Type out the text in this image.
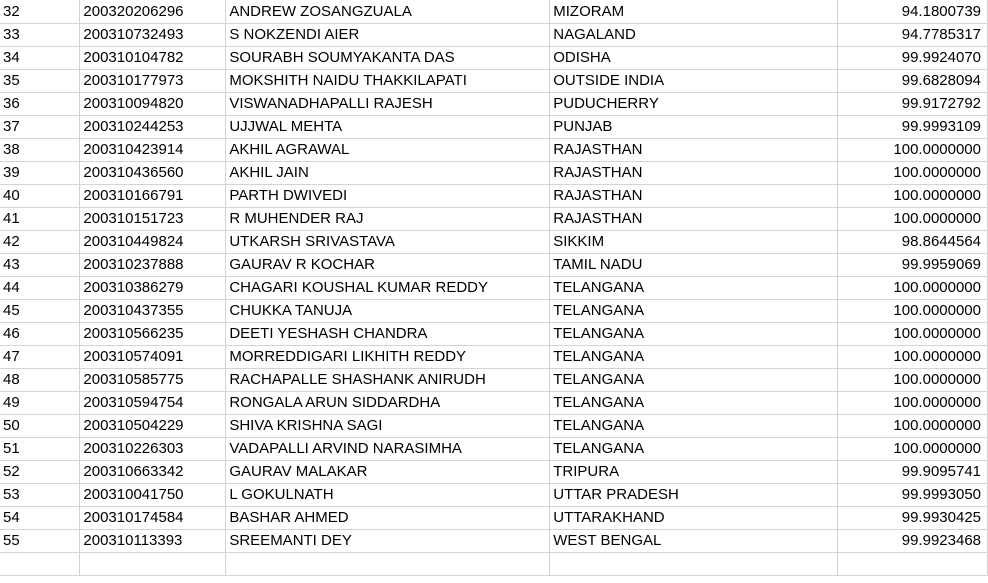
32	200320206296	ANDREW ZOSANGZUALA	MIZORAM	94.1800739
33	200310732493	S NOKZENDI AIER	NAGALAND	94.7785317
34	200310104782	SOURABH SOUMYAKANTA DAS	ODISHA	99.9924070
35	200310177973	MOKSHITH NAIDU THAKKILAPATI	OUTSIDE INDIA	99.6828094
36	200310094820	VISWANADHAPALLI RAJESH	PUDUCHERRY	99.9172792
37	200310244253	UJJWAL MEHTA	PUNJAB	99.9993109
38	200310423914	AKHIL AGRAWAL	RAJASTHAN	100.0000000
39	200310436560	AKHIL JAIN	RAJASTHAN	100.0000000
40	200310166791	PARTH DWIVEDI	RAJASTHAN	100.0000000
41	200310151723	R MUHENDER RAJ	RAJASTHAN	100.0000000
42	200310449824	UTKARSH SRIVASTAVA	SIKKIM	98.8644564
43	200310237888	GAURAV R KOCHAR	TAMIL NADU	99.9959069
44	200310386279	CHAGARI KOUSHAL KUMAR REDDY	TELANGANA	100.0000000
45	200310437355	CHUKKA TANUJA	TELANGANA	100.0000000
46	200310566235	DEETI YESHASH CHANDRA	TELANGANA	100.0000000
47	200310574091	MORREDDIGARI LIKHITH REDDY	TELANGANA	100.0000000
48	200310585775	RACHAPALLE SHASHANK ANIRUDH	TELANGANA	100.0000000
49	200310594754	RONGALA ARUN SIDDARDHA	TELANGANA	100.0000000
50	200310504229	SHIVA KRISHNA SAGI	TELANGANA	100.0000000
51	200310226303	VADAPALLI ARVIND NARASIMHA	TELANGANA	100.0000000
52	200310663342	GAURAV MALAKAR	TRIPURA	99.9095741
53	200310041750	L GOKULNATH	UTTAR PRADESH	99.9993050
54	200310174584	BASHAR AHMED	UTTARAKHAND	99.9930425
55	200310113393	SREEMANTI DEY	WEST BENGAL	99.9923468
